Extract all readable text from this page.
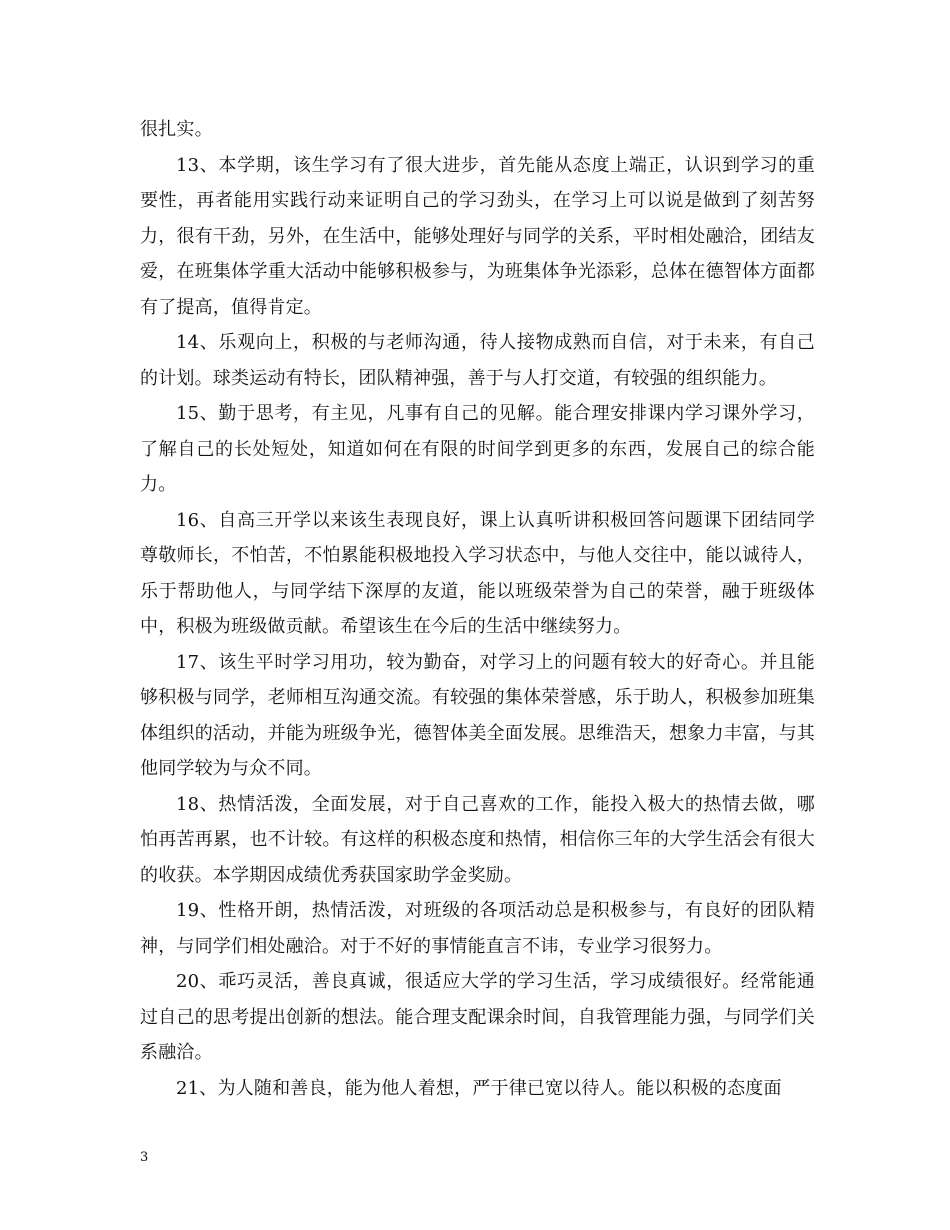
很扎实。

13、本学期，该生学习有了很大进步，首先能从态度上端正，认识到学习的重要性，再者能用实践行动来证明自己的学习劲头，在学习上可以说是做到了刻苦努力，很有干劲，另外，在生活中，能够处理好与同学的关系，平时相处融洽，团结友爱，在班集体学重大活动中能够积极参与，为班集体争光添彩，总体在德智体方面都有了提高，值得肯定。

14、乐观向上，积极的与老师沟通，待人接物成熟而自信，对于未来，有自己的计划。球类运动有特长，团队精神强，善于与人打交道，有较强的组织能力。

15、勤于思考，有主见，凡事有自己的见解。能合理安排课内学习课外学习，了解自己的长处短处，知道如何在有限的时间学到更多的东西，发展自己的综合能力。

16、自高三开学以来该生表现良好，课上认真听讲积极回答问题课下团结同学尊敬师长，不怕苦，不怕累能积极地投入学习状态中，与他人交往中，能以诚待人，乐于帮助他人，与同学结下深厚的友道，能以班级荣誉为自己的荣誉，融于班级体中，积极为班级做贡献。希望该生在今后的生活中继续努力。

17、该生平时学习用功，较为勤奋，对学习上的问题有较大的好奇心。并且能够积极与同学，老师相互沟通交流。有较强的集体荣誉感，乐于助人，积极参加班集体组织的活动，并能为班级争光，德智体美全面发展。思维浩天，想象力丰富，与其他同学较为与众不同。

18、热情活泼，全面发展，对于自己喜欢的工作，能投入极大的热情去做，哪怕再苦再累，也不计较。有这样的积极态度和热情，相信你三年的大学生活会有很大的收获。本学期因成绩优秀获国家助学金奖励。

19、性格开朗，热情活泼，对班级的各项活动总是积极参与，有良好的团队精神，与同学们相处融洽。对于不好的事情能直言不讳，专业学习很努力。

20、乖巧灵活，善良真诚，很适应大学的学习生活，学习成绩很好。经常能通过自己的思考提出创新的想法。能合理支配课余时间，自我管理能力强，与同学们关系融洽。

21、为人随和善良，能为他人着想，严于律已宽以待人。能以积极的态度面

3
